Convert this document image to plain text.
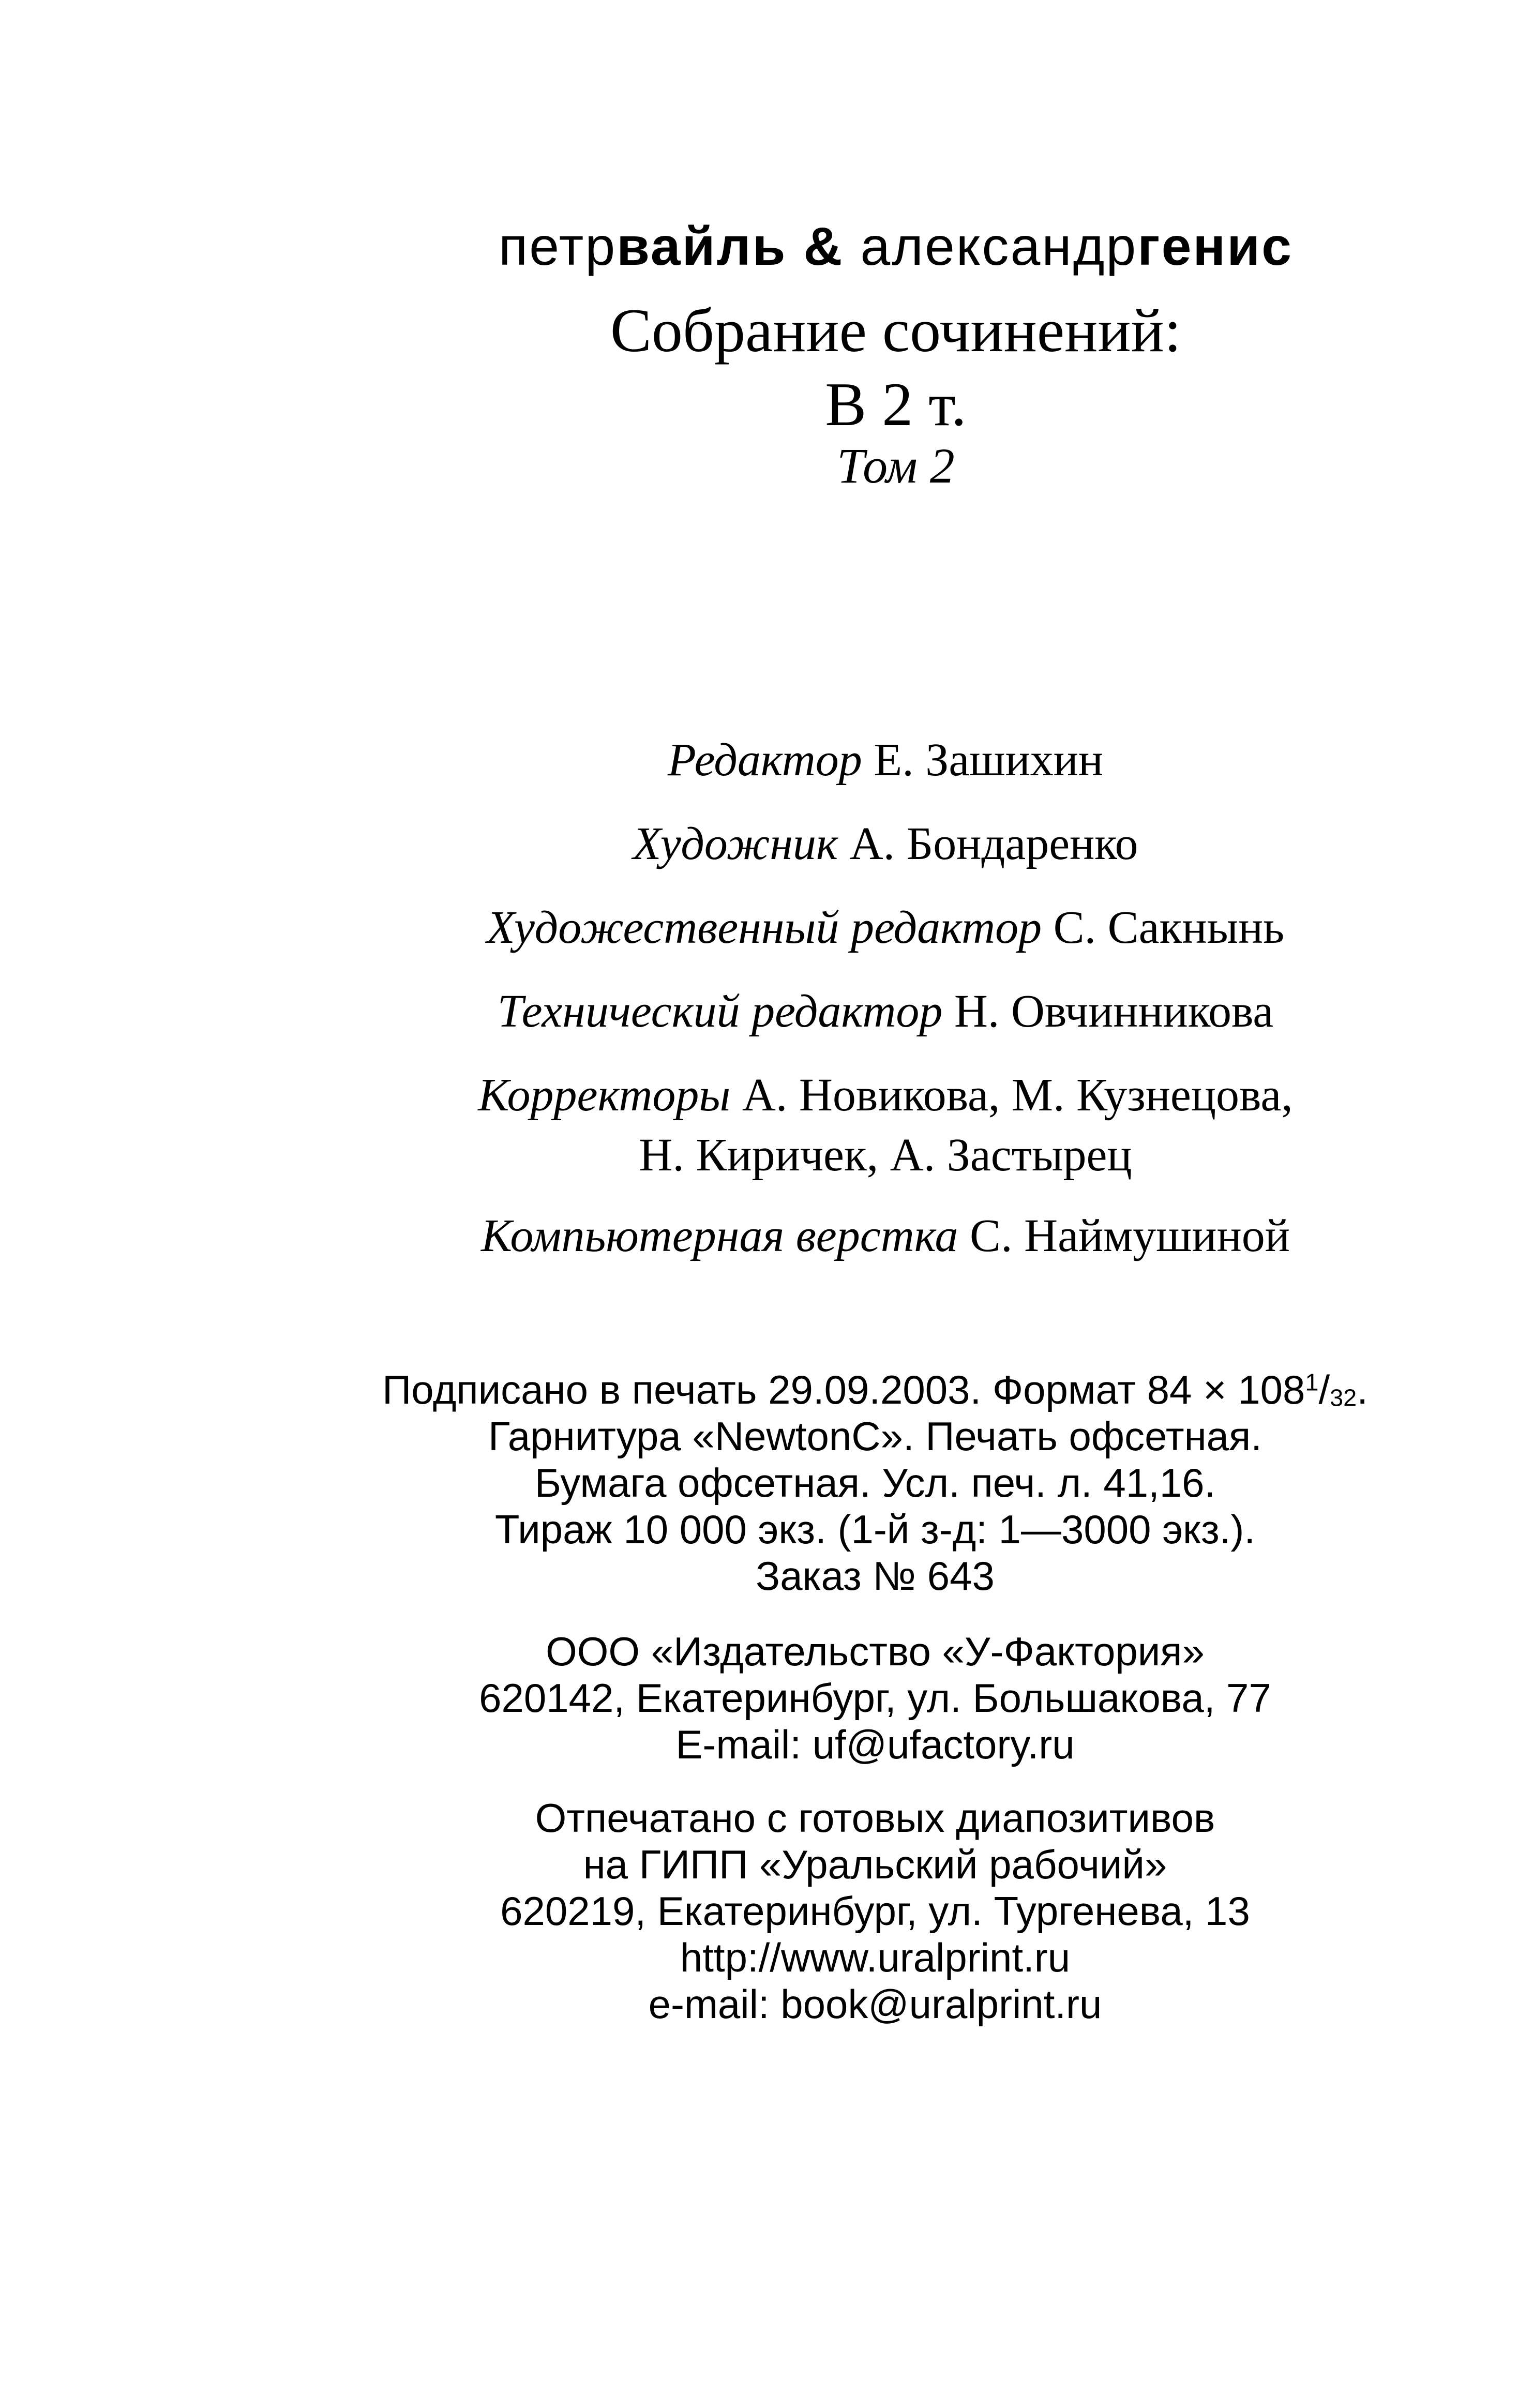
петрвайль & александргенис
Собрание сочинений:
В 2 т.
Том 2
Редактор Е. Зашихин
Художник А. Бондаренко
Художественный редактор С. Сакнынь
Технический редактор Н. Овчинникова
Корректоры А. Новикова, М. Кузнецова,
Н. Киричек, А. Застырец
Компьютерная верстка С. Наймушиной
Подписано в печать 29.09.2003. Формат $84 \times 108^1/_{32}$.
Гарнитура «NewtonC». Печать офсетная.
Бумага офсетная. Усл. печ. л. 41,16.
Тираж 10 000 экз. (1-й з-д: 1—3000 экз.).
Заказ № 643
ООО «Издательство «У-Фактория»
620142, Екатеринбург, ул. Большакова, 77
E-mail: uf@ufactory.ru
Отпечатано с готовых диапозитивов
на ГИПП «Уральский рабочий»
620219, Екатеринбург, ул. Тургенева, 13
http://www.uralprint.ru
e-mail: book@uralprint.ru
